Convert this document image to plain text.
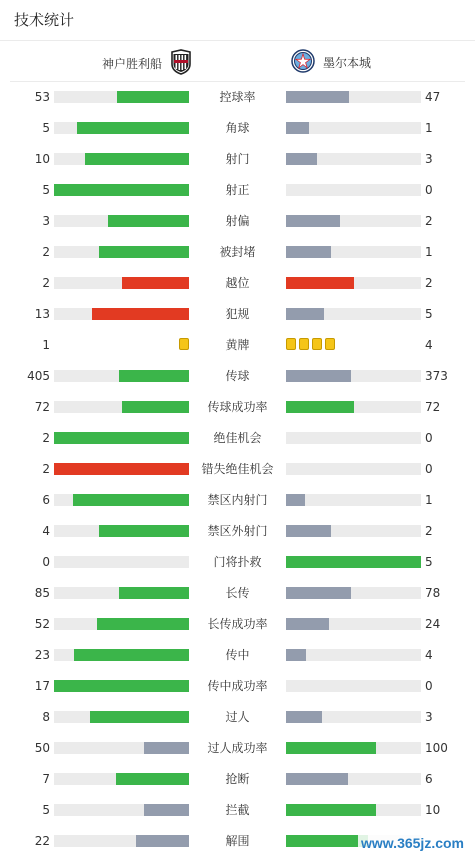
技术统计
神户胜利船	墨尔本城
53	控球率	47
5	角球	1
10	射门	3
5	射正	0
3	射偏	2
2	被封堵	1
2	越位	2
13	犯规	5
1	黄牌	4
405	传球	373
72	传球成功率	72
2	绝佳机会	0
2	错失绝佳机会	0
6	禁区内射门	1
4	禁区外射门	2
0	门将扑救	5
85	长传	78
52	长传成功率	24
23	传中	4
17	传中成功率	0
8	过人	3
50	过人成功率	100
7	抢断	6
5	拦截	10
22	解围	www.365jz.com
